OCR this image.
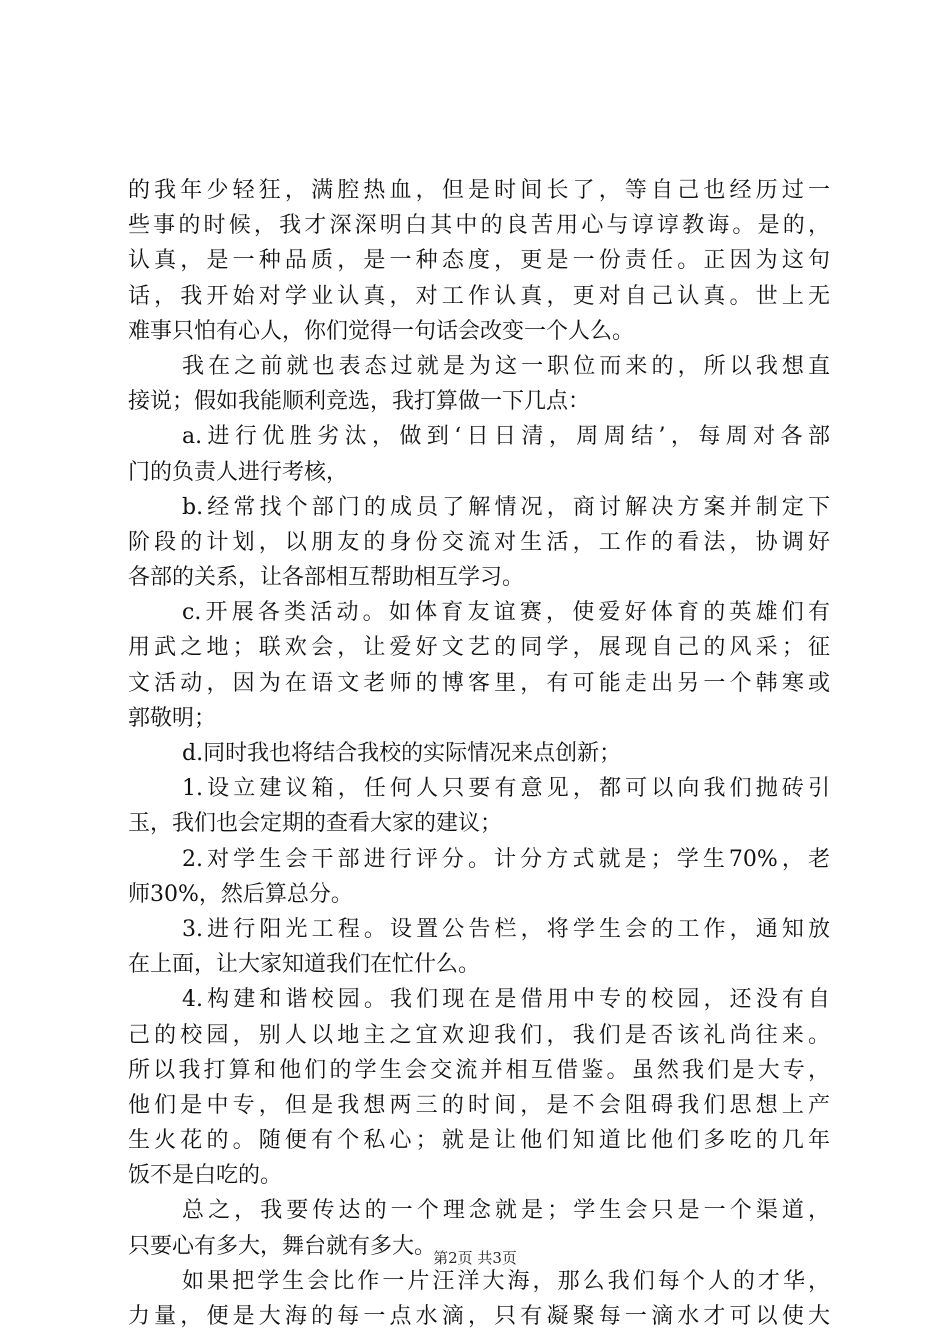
的我年少轻狂，满腔热血，但是时间长了，等自己也经历过一
些事的时候，我才深深明白其中的良苦用心与谆谆教诲。是的，
认真，是一种品质，是一种态度，更是一份责任。正因为这句
话，我开始对学业认真，对工作认真，更对自己认真。世上无
难事只怕有心人，你们觉得一句话会改变一个人么。
我在之前就也表态过就是为这一职位而来的，所以我想直
接说；假如我能顺利竞选，我打算做一下几点：
a.进行优胜劣汰，做到‘日日清，周周结’，每周对各部
门的负责人进行考核，
b.经常找个部门的成员了解情况，商讨解决方案并制定下
阶段的计划，以朋友的身份交流对生活，工作的看法，协调好
各部的关系，让各部相互帮助相互学习。
c.开展各类活动。如体育友谊赛，使爱好体育的英雄们有
用武之地；联欢会，让爱好文艺的同学，展现自己的风采；征
文活动，因为在语文老师的博客里，有可能走出另一个韩寒或
郭敬明；
d.同时我也将结合我校的实际情况来点创新；
1.设立建议箱，任何人只要有意见，都可以向我们抛砖引
玉，我们也会定期的查看大家的建议；
2.对学生会干部进行评分。计分方式就是；学生70%，老
师30%，然后算总分。
3.进行阳光工程。设置公告栏，将学生会的工作，通知放
在上面，让大家知道我们在忙什么。
4.构建和谐校园。我们现在是借用中专的校园，还没有自
己的校园，别人以地主之宜欢迎我们，我们是否该礼尚往来。
所以我打算和他们的学生会交流并相互借鉴。虽然我们是大专，
他们是中专，但是我想两三的时间，是不会阻碍我们思想上产
生火花的。随便有个私心；就是让他们知道比他们多吃的几年
饭不是白吃的。
总之，我要传达的一个理念就是；学生会只是一个渠道，
只要心有多大，舞台就有多大。
如果把学生会比作一片汪洋大海，那么我们每个人的才华，
力量，便是大海的每一点水滴，只有凝聚每一滴水才可以使大
第2页 共3页
